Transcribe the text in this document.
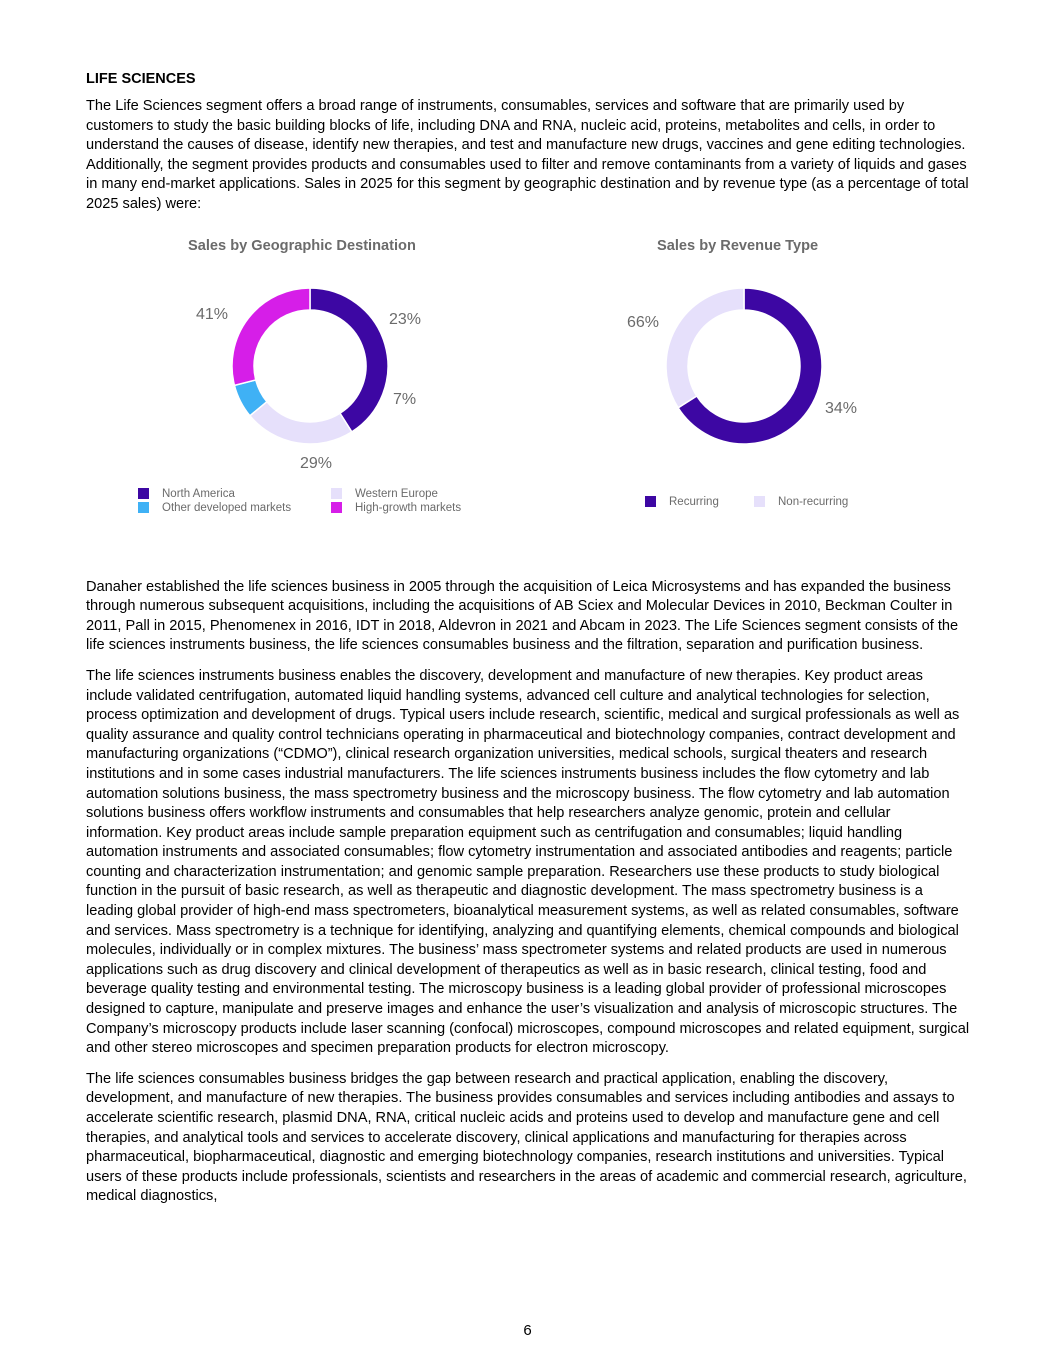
LIFE SCIENCES

The Life Sciences segment offers a broad range of instruments, consumables, services and software that are primarily used by customers to study the basic building blocks of life, including DNA and RNA, nucleic acid, proteins, metabolites and cells, in order to understand the causes of disease, identify new therapies, and test and manufacture new drugs, vaccines and gene editing technologies. Additionally, the segment provides products and consumables used to filter and remove contaminants from a variety of liquids and gases in many end-market applications. Sales in 2025 for this segment by geographic destination and by revenue type (as a percentage of total 2025 sales) were:

Sales by Geographic Destination
41%	23%
7%
29%
North America	Western Europe
Other developed markets	High-growth markets
Sales by Revenue Type
66%
34%
Recurring	Non-recurring

Danaher established the life sciences business in 2005 through the acquisition of Leica Microsystems and has expanded the business through numerous subsequent acquisitions, including the acquisitions of AB Sciex and Molecular Devices in 2010, Beckman Coulter in 2011, Pall in 2015, Phenomenex in 2016, IDT in 2018, Aldevron in 2021 and Abcam in 2023. The Life Sciences segment consists of the life sciences instruments business, the life sciences consumables business and the filtration, separation and purification business.

The life sciences instruments business enables the discovery, development and manufacture of new therapies. Key product areas include validated centrifugation, automated liquid handling systems, advanced cell culture and analytical technologies for selection, process optimization and development of drugs. Typical users include research, scientific, medical and surgical professionals as well as quality assurance and quality control technicians operating in pharmaceutical and biotechnology companies, contract development and manufacturing organizations (“CDMO”), clinical research organization universities, medical schools, surgical theaters and research institutions and in some cases industrial manufacturers. The life sciences instruments business includes the flow cytometry and lab automation solutions business, the mass spectrometry business and the microscopy business. The flow cytometry and lab automation solutions business offers workflow instruments and consumables that help researchers analyze genomic, protein and cellular information. Key product areas include sample preparation equipment such as centrifugation and consumables; liquid handling automation instruments and associated consumables; flow cytometry instrumentation and associated antibodies and reagents; particle counting and characterization instrumentation; and genomic sample preparation. Researchers use these products to study biological function in the pursuit of basic research, as well as therapeutic and diagnostic development. The mass spectrometry business is a leading global provider of high-end mass spectrometers, bioanalytical measurement systems, as well as related consumables, software and services. Mass spectrometry is a technique for identifying, analyzing and quantifying elements, chemical compounds and biological molecules, individually or in complex mixtures. The business’ mass spectrometer systems and related products are used in numerous applications such as drug discovery and clinical development of therapeutics as well as in basic research, clinical testing, food and beverage quality testing and environmental testing. The microscopy business is a leading global provider of professional microscopes designed to capture, manipulate and preserve images and enhance the user’s visualization and analysis of microscopic structures. The Company’s microscopy products include laser scanning (confocal) microscopes, compound microscopes and related equipment, surgical and other stereo microscopes and specimen preparation products for electron microscopy.

The life sciences consumables business bridges the gap between research and practical application, enabling the discovery, development, and manufacture of new therapies. The business provides consumables and services including antibodies and assays to accelerate scientific research, plasmid DNA, RNA, critical nucleic acids and proteins used to develop and manufacture gene and cell therapies, and analytical tools and services to accelerate discovery, clinical applications and manufacturing for therapies across pharmaceutical, biopharmaceutical, diagnostic and emerging biotechnology companies, research institutions and universities. Typical users of these products include professionals, scientists and researchers in the areas of academic and commercial research, agriculture, medical diagnostics,

6
